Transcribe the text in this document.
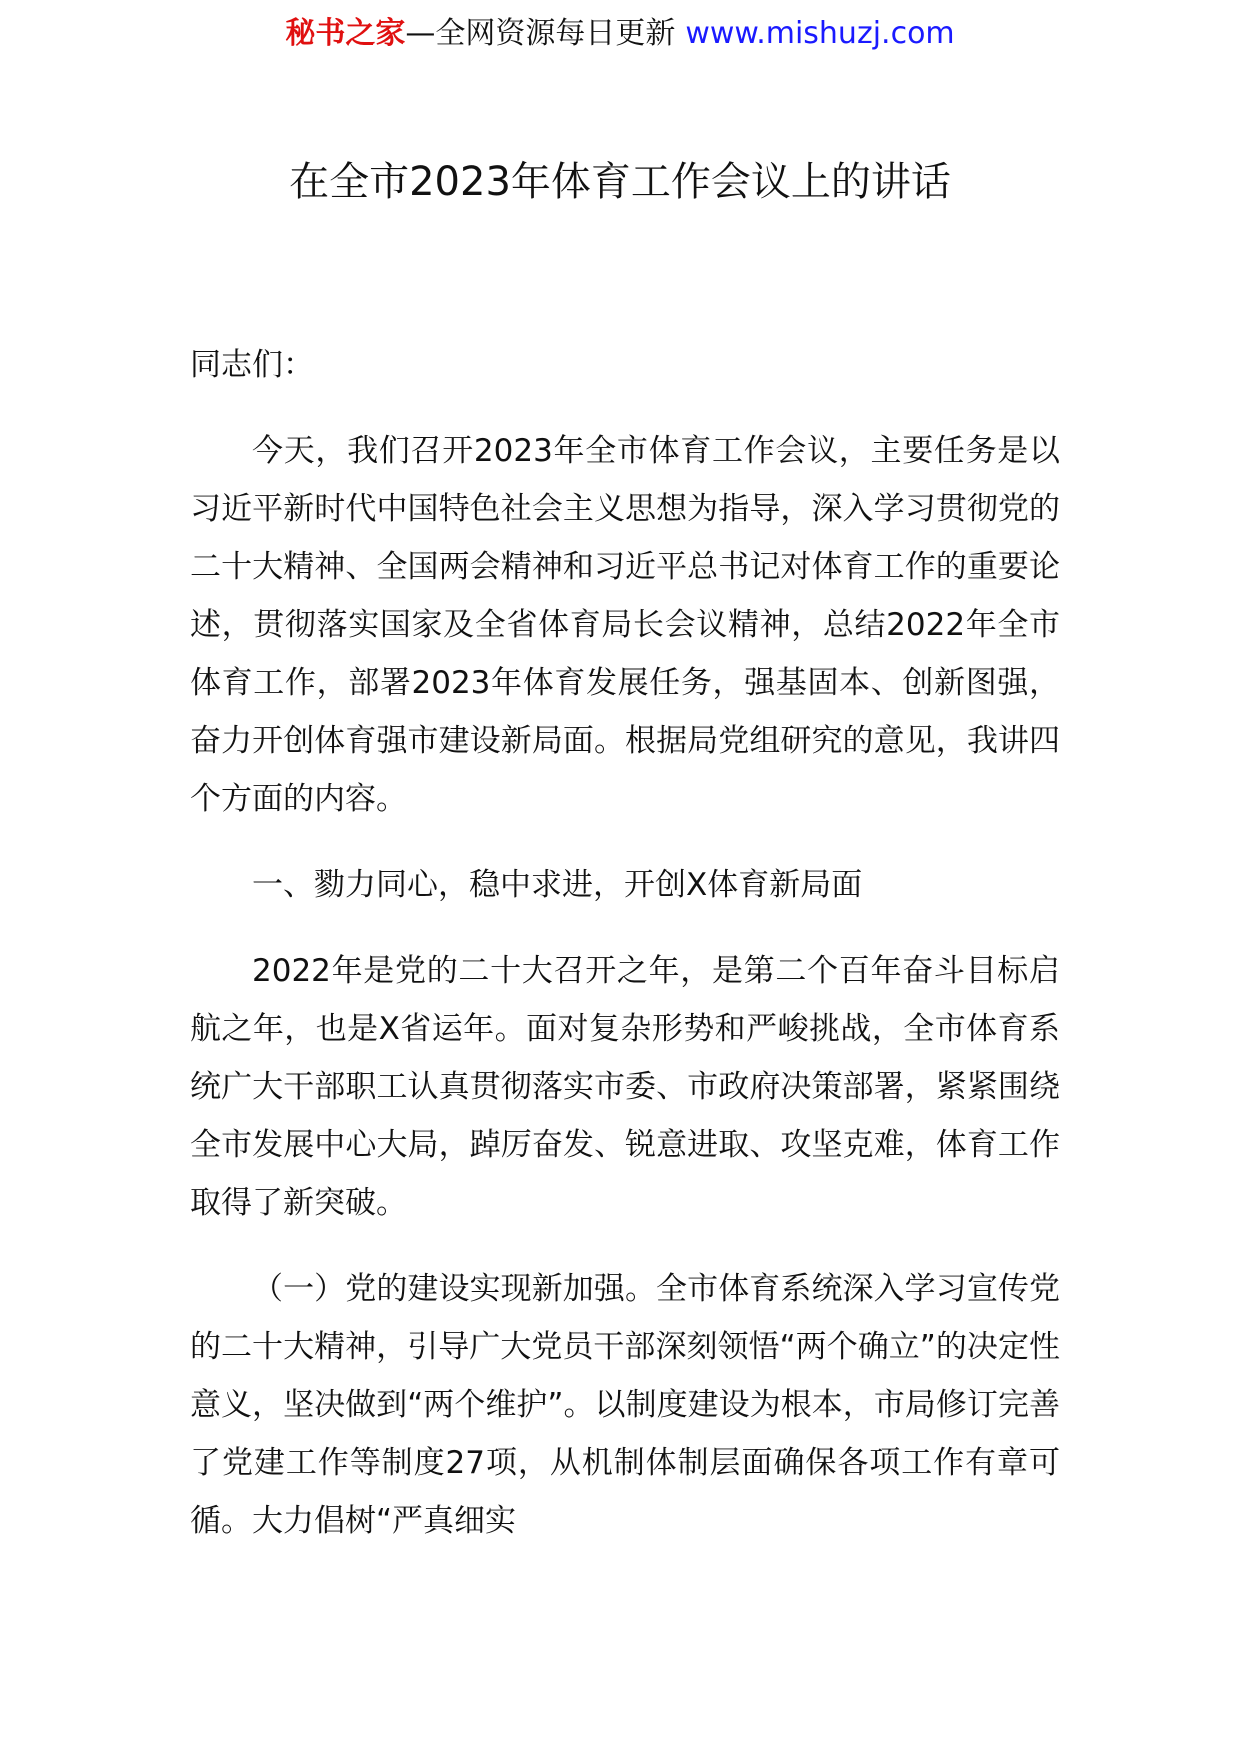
秘书之家—全网资源每日更新 www.mishuzj.com
在全市2023年体育工作会议上的讲话

同志们：

今天，我们召开2023年全市体育工作会议，主要任务是以习近平新时代中国特色社会主义思想为指导，深入学习贯彻党的二十大精神、全国两会精神和习近平总书记对体育工作的重要论述，贯彻落实国家及全省体育局长会议精神，总结2022年全市体育工作，部署2023年体育发展任务，强基固本、创新图强，奋力开创体育强市建设新局面。根据局党组研究的意见，我讲四个方面的内容。

一、勠力同心，稳中求进，开创X体育新局面

2022年是党的二十大召开之年，是第二个百年奋斗目标启航之年，也是X省运年。面对复杂形势和严峻挑战，全市体育系统广大干部职工认真贯彻落实市委、市政府决策部署，紧紧围绕全市发展中心大局，踔厉奋发、锐意进取、攻坚克难，体育工作取得了新突破。

（一）党的建设实现新加强。全市体育系统深入学习宣传党的二十大精神，引导广大党员干部深刻领悟“两个确立”的决定性意义，坚决做到“两个维护”。以制度建设为根本，市局修订完善了党建工作等制度27项，从机制体制层面确保各项工作有章可循。大力倡树“严真细实
